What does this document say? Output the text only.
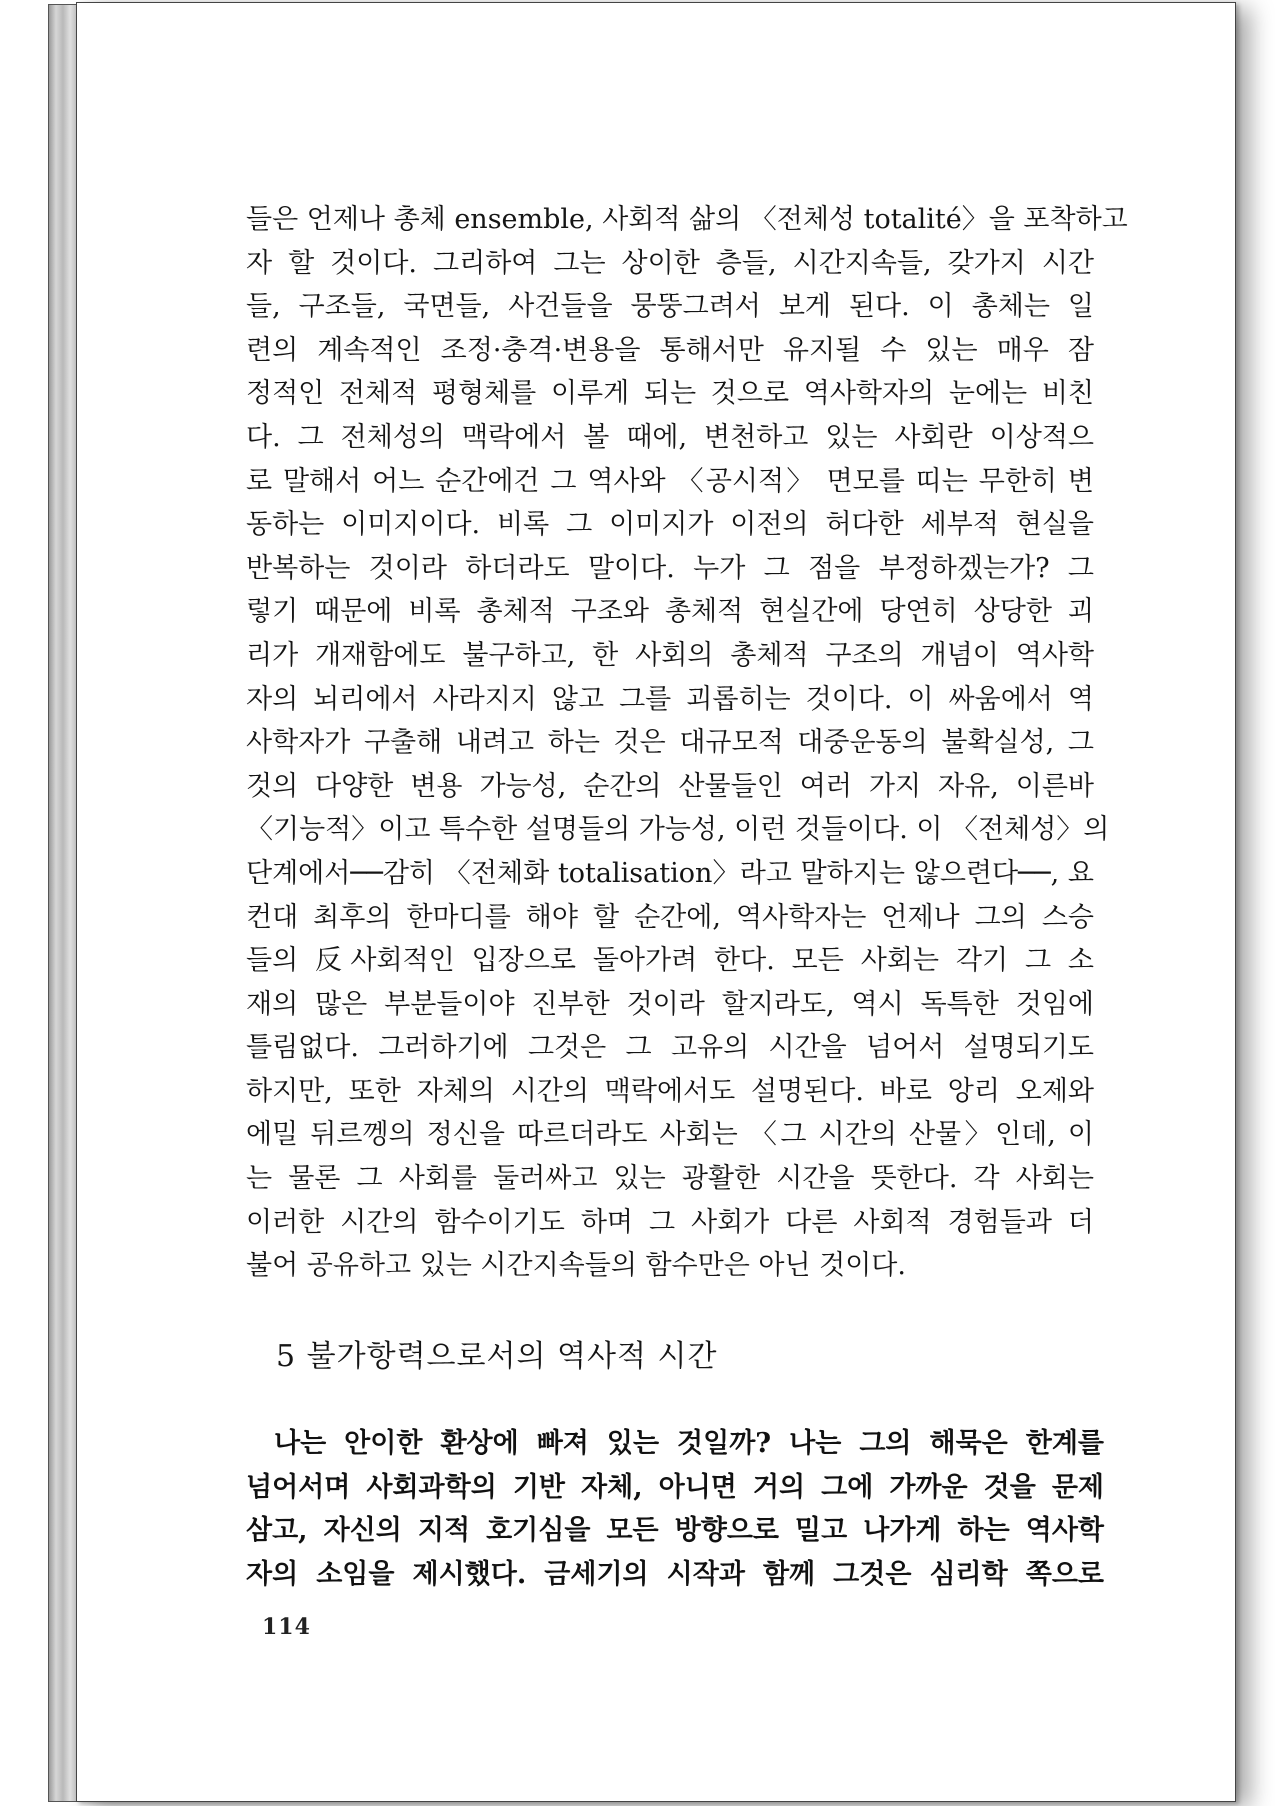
들은 언제나 총체 ensemble, 사회적 삶의 〈전체성 totalité〉을 포착하고
자 할 것이다. 그리하여 그는 상이한 층들, 시간지속들, 갖가지 시간
들, 구조들, 국면들, 사건들을 뭉뚱그려서 보게 된다. 이 총체는 일
련의 계속적인 조정·충격·변용을 통해서만 유지될 수 있는 매우 잠
정적인 전체적 평형체를 이루게 되는 것으로 역사학자의 눈에는 비친
다. 그 전체성의 맥락에서 볼 때에, 변천하고 있는 사회란 이상적으
로 말해서 어느 순간에건 그 역사와 〈공시적〉 면모를 띠는 무한히 변
동하는 이미지이다. 비록 그 이미지가 이전의 허다한 세부적 현실을
반복하는 것이라 하더라도 말이다. 누가 그 점을 부정하겠는가? 그
렇기 때문에 비록 총체적 구조와 총체적 현실간에 당연히 상당한 괴
리가 개재함에도 불구하고, 한 사회의 총체적 구조의 개념이 역사학
자의 뇌리에서 사라지지 않고 그를 괴롭히는 것이다. 이 싸움에서 역
사학자가 구출해 내려고 하는 것은 대규모적 대중운동의 불확실성, 그
것의 다양한 변용 가능성, 순간의 산물들인 여러 가지 자유, 이른바
〈기능적〉이고 특수한 설명들의 가능성, 이런 것들이다. 이 〈전체성〉의
단계에서──감히 〈전체화 totalisation〉라고 말하지는 않으련다──, 요
컨대 최후의 한마디를 해야 할 순간에, 역사학자는 언제나 그의 스승
들의 反사회적인 입장으로 돌아가려 한다. 모든 사회는 각기 그 소
재의 많은 부분들이야 진부한 것이라 할지라도, 역시 독특한 것임에
틀림없다. 그러하기에 그것은 그 고유의 시간을 넘어서 설명되기도
하지만, 또한 자체의 시간의 맥락에서도 설명된다. 바로 앙리 오제와
에밀 뒤르껭의 정신을 따르더라도 사회는 〈그 시간의 산물〉인데, 이
는 물론 그 사회를 둘러싸고 있는 광활한 시간을 뜻한다. 각 사회는
이러한 시간의 함수이기도 하며 그 사회가 다른 사회적 경험들과 더
불어 공유하고 있는 시간지속들의 함수만은 아닌 것이다.
5 불가항력으로서의 역사적 시간
나는 안이한 환상에 빠져 있는 것일까? 나는 그의 해묵은 한계를
넘어서며 사회과학의 기반 자체, 아니면 거의 그에 가까운 것을 문제
삼고, 자신의 지적 호기심을 모든 방향으로 밀고 나가게 하는 역사학
자의 소임을 제시했다. 금세기의 시작과 함께 그것은 심리학 쪽으로
114
